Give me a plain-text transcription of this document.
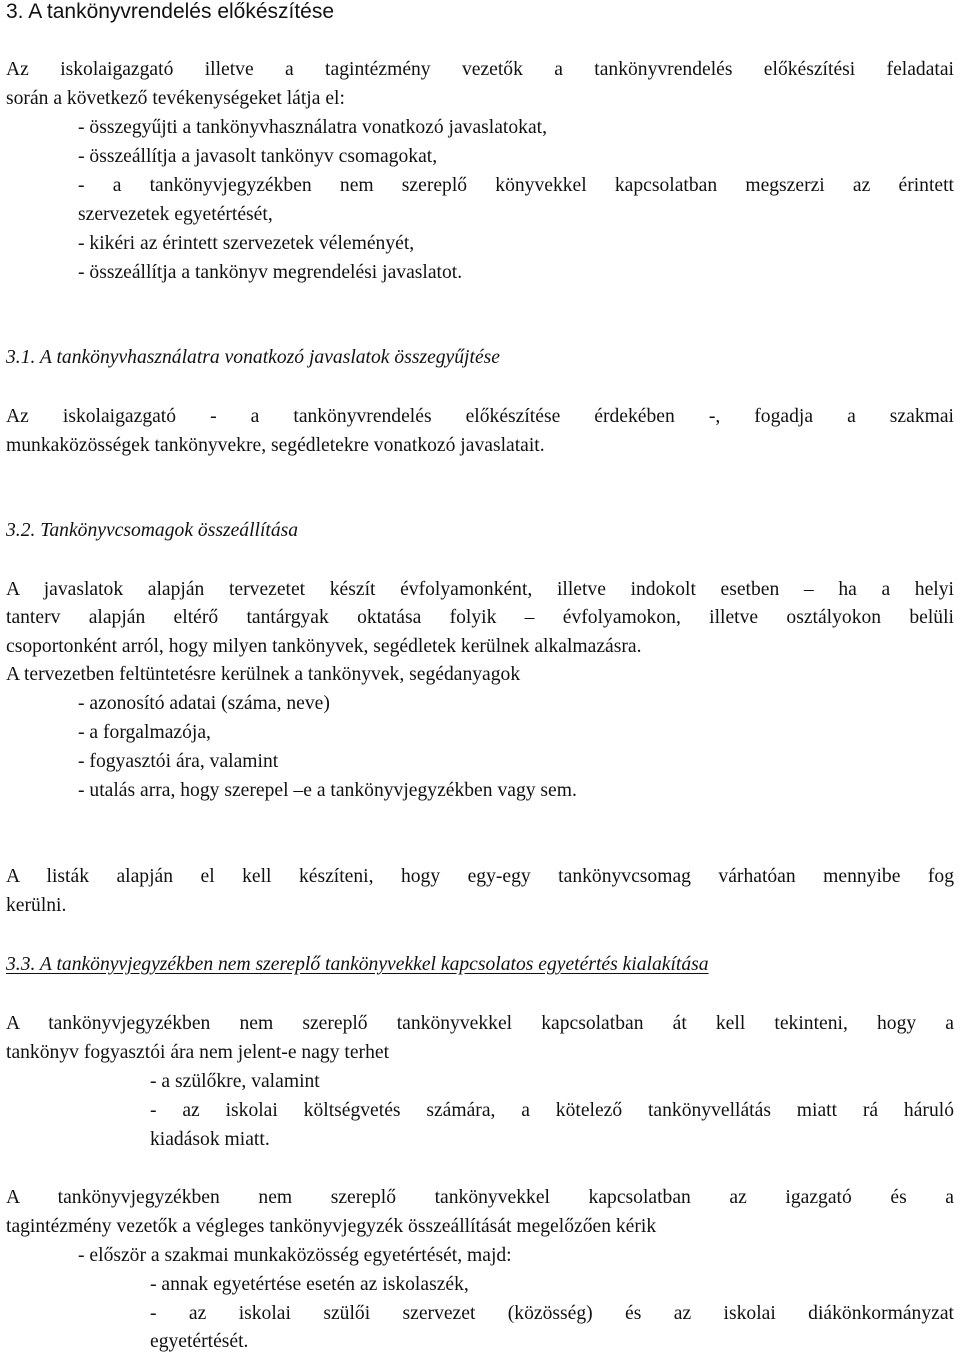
3. A tankönyvrendelés előkészítése

Az iskolaigazgató illetve a tagintézmény vezetők a tankönyvrendelés előkészítési feladatai

során a következő tevékenységeket látja el:

- összegyűjti a tankönyvhasználatra vonatkozó javaslatokat,

- összeállítja a javasolt tankönyv csomagokat,

- a tankönyvjegyzékben nem szereplő könyvekkel kapcsolatban megszerzi az érintett

szervezetek egyetértését,

- kikéri az érintett szervezetek véleményét,

- összeállítja a tankönyv megrendelési javaslatot.

3.1. A tankönyvhasználatra vonatkozó javaslatok összegyűjtése

Az iskolaigazgató - a tankönyvrendelés előkészítése érdekében -, fogadja a szakmai

munkaközösségek tankönyvekre, segédletekre vonatkozó javaslatait.

3.2. Tankönyvcsomagok összeállítása

A javaslatok alapján tervezetet készít évfolyamonként, illetve indokolt esetben – ha a helyi

tanterv alapján eltérő tantárgyak oktatása folyik – évfolyamokon, illetve osztályokon belüli

csoportonként arról, hogy milyen tankönyvek, segédletek kerülnek alkalmazásra.

A tervezetben feltüntetésre kerülnek a tankönyvek, segédanyagok

- azonosító adatai (száma, neve)

- a forgalmazója,

- fogyasztói ára, valamint

- utalás arra, hogy szerepel –e a tankönyvjegyzékben vagy sem.

A listák alapján el kell készíteni, hogy egy-egy tankönyvcsomag várhatóan mennyibe fog

kerülni.

3.3. A tankönyvjegyzékben nem szereplő tankönyvekkel kapcsolatos egyetértés kialakítása

A tankönyvjegyzékben nem szereplő tankönyvekkel kapcsolatban át kell tekinteni, hogy a

tankönyv fogyasztói ára nem jelent-e nagy terhet

- a szülőkre, valamint

- az iskolai költségvetés számára, a kötelező tankönyvellátás miatt rá háruló

kiadások miatt.

A tankönyvjegyzékben nem szereplő tankönyvekkel kapcsolatban az igazgató és a

tagintézmény vezetők a végleges tankönyvjegyzék összeállítását megelőzően kérik

- először a szakmai munkaközösség egyetértését, majd:

- annak egyetértése esetén az iskolaszék,

- az iskolai szülői szervezet (közösség) és az iskolai diákönkormányzat

egyetértését.
